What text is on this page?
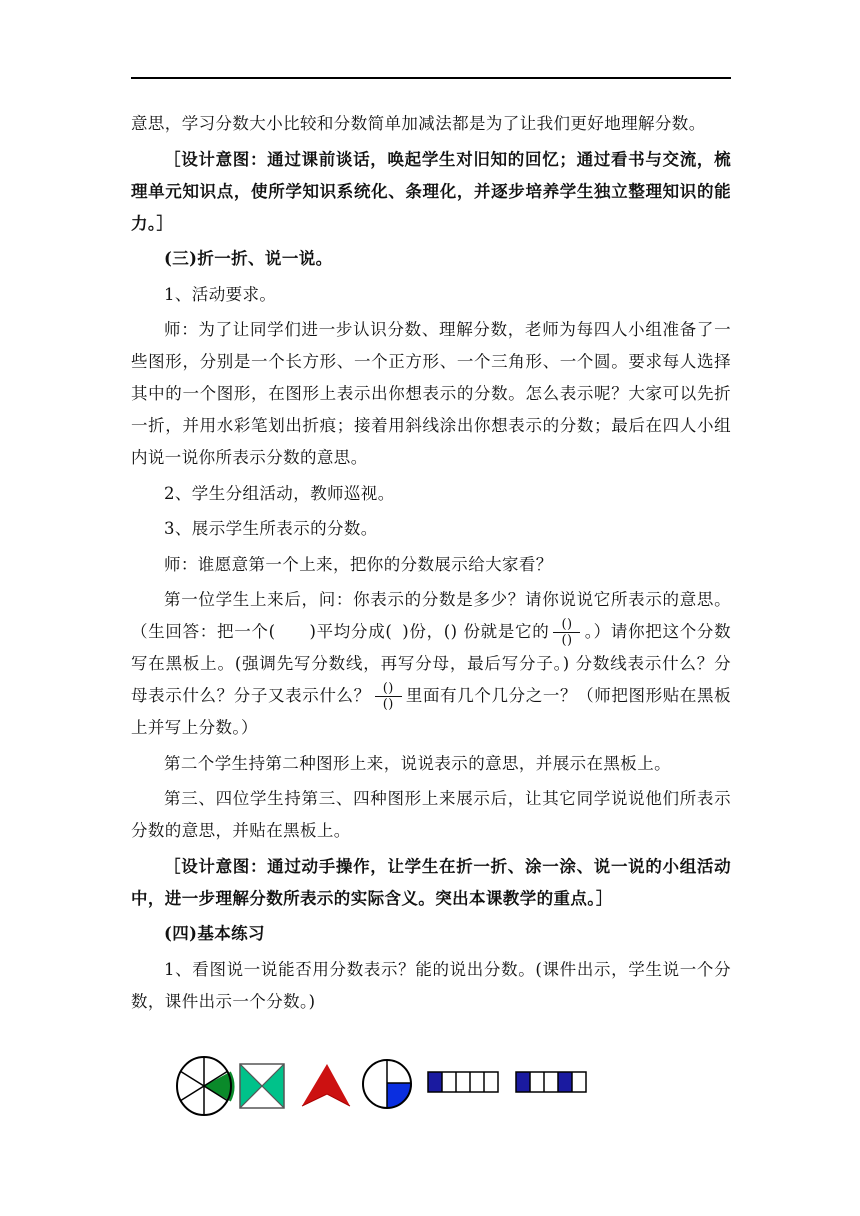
意思，学习分数大小比较和分数简单加减法都是为了让我们更好地理解分数。

［设计意图：通过课前谈话，唤起学生对旧知的回忆；通过看书与交流，梳理单元知识点，使所学知识系统化、条理化，并逐步培养学生独立整理知识的能力。］

(三)折一折、说一说。

1、活动要求。

师：为了让同学们进一步认识分数、理解分数，老师为每四人小组准备了一些图形，分别是一个长方形、一个正方形、一个三角形、一个圆。要求每人选择其中的一个图形，在图形上表示出你想表示的分数。怎么表示呢？大家可以先折一折，并用水彩笔划出折痕；接着用斜线涂出你想表示的分数；最后在四人小组内说一说你所表示分数的意思。

2、学生分组活动，教师巡视。

3、展示学生所表示的分数。

师：谁愿意第一个上来，把你的分数展示给大家看？

第一位学生上来后，问：你表示的分数是多少？请你说说它所表示的意思。（生回答：把一个( )平均分成( )份，() 份就是它的 $\frac{()}{()}$ 。）请你把这个分数写在黑板上。(强调先写分数线，再写分母，最后写分子。) 分数线表示什么？分母表示什么？分子又表示什么？ $\frac{()}{()}$ 里面有几个几分之一？（师把图形贴在黑板上并写上分数。）

第二个学生持第二种图形上来，说说表示的意思，并展示在黑板上。

第三、四位学生持第三、四种图形上来展示后，让其它同学说说他们所表示分数的意思，并贴在黑板上。

［设计意图：通过动手操作，让学生在折一折、涂一涂、说一说的小组活动中，进一步理解分数所表示的实际含义。突出本课教学的重点。］

(四)基本练习

1、看图说一说能否用分数表示？能的说出分数。(课件出示，学生说一个分数，课件出示一个分数。)
